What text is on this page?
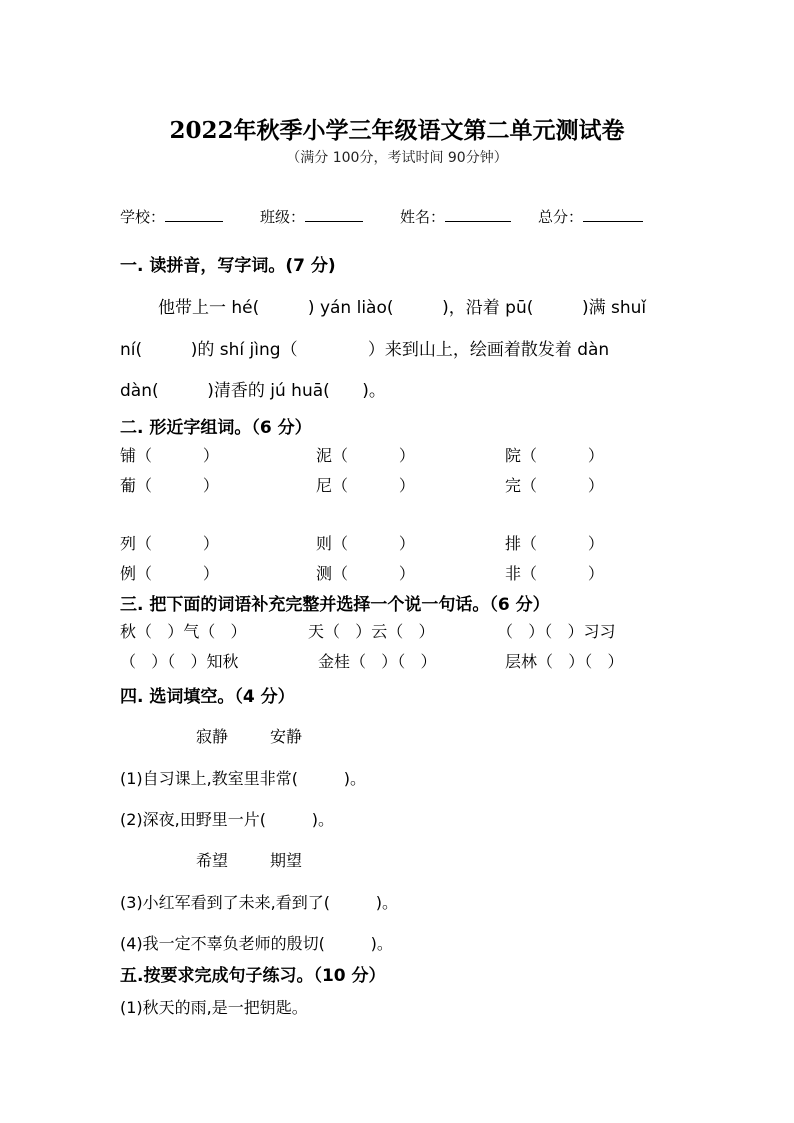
2022年秋季小学三年级语文第二单元测试卷
（满分 100分，考试时间 90分钟）
学校：	班级：	姓名：	总分：
一. 读拼音，写字词。(7 分)
他带上一 hé(         ) yán liào(         )，沿着 pū(         )满 shuǐ
ní(         )的 shí jìng（             ）来到山上，绘画着散发着 dàn
dàn(         )清香的 jú huā(      )。
二. 形近字组词。（6 分）
铺（          ）	泥（          ）	院（          ）
葡（          ）	尼（          ）	完（          ）
列（          ）	则（          ）	排（          ）
例（          ）	测（          ）	非（          ）
三. 把下面的词语补充完整并选择一个说一句话。（6 分）
秋（   ）气（   ）	天（   ）云（   ）	（   ）（   ）习习
（   ）（   ）知秋	金桂（   ）（   ）	层林（   ）（   ）
四. 选词填空。（4 分）
寂静	安静
(1)自习课上,教室里非常(         )。
(2)深夜,田野里一片(         )。
希望	期望
(3)小红军看到了未来,看到了(         )。
(4)我一定不辜负老师的殷切(         )。
五.按要求完成句子练习。（10 分）
(1)秋天的雨,是一把钥匙。
